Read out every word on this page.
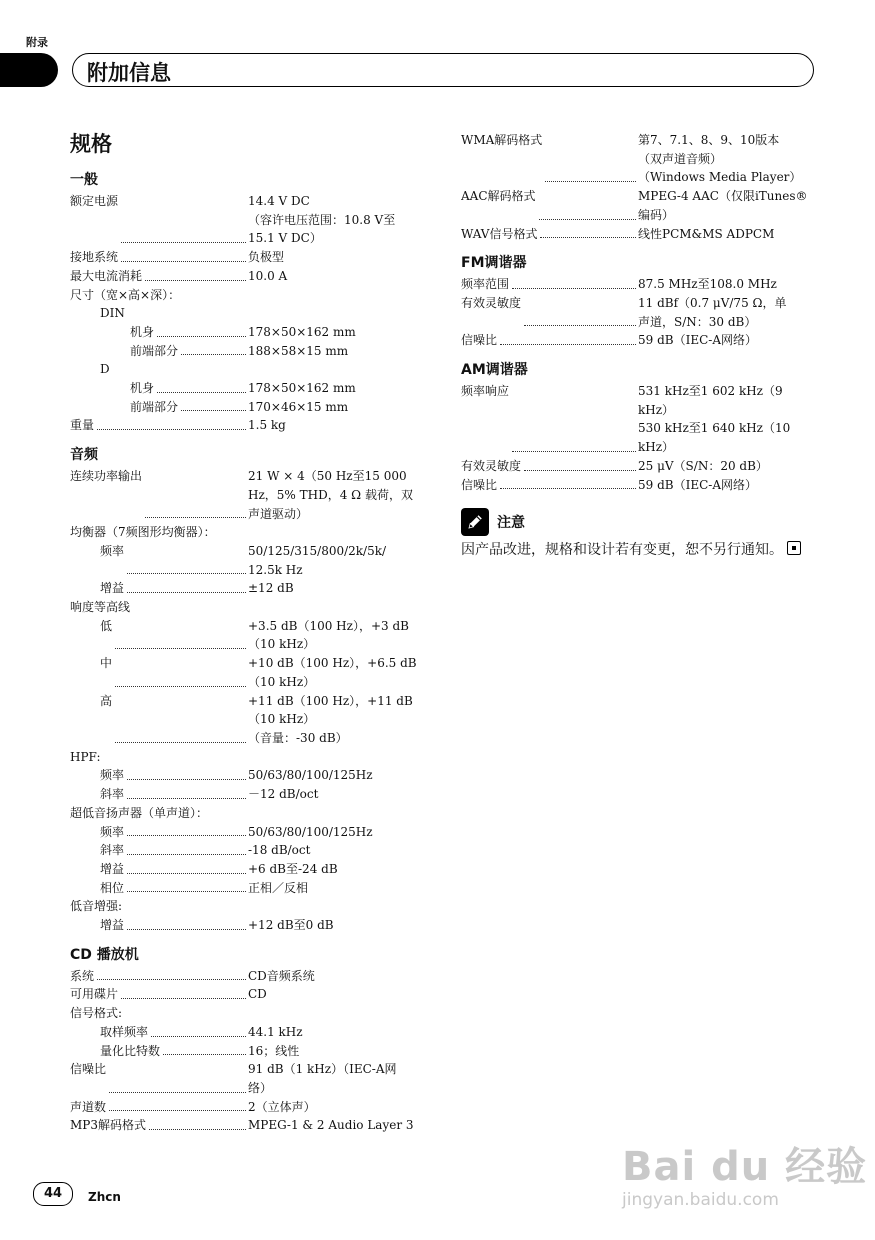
附录
附加信息
规格
一般
额定电源	14.4 V DC
（容许电压范围：10.8 V至
15.1 V DC）
接地系统	负极型
最大电流消耗	10.0 A
尺寸（宽×高×深）：
DIN
机身	178×50×162 mm
前端部分	188×58×15 mm
D
机身	178×50×162 mm
前端部分	170×46×15 mm
重量	1.5 kg
音频
连续功率输出	21 W × 4（50 Hz至15 000
Hz，5% THD，4 Ω 载荷，双
声道驱动）
均衡器（7频图形均衡器）：
频率	50/125/315/800/2k/5k/
12.5k Hz
增益	±12 dB
响度等高线
低	+3.5 dB（100 Hz），+3 dB
（10 kHz）
中	+10 dB（100 Hz），+6.5 dB
（10 kHz）
高	+11 dB（100 Hz），+11 dB
（10 kHz）
（音量：-30 dB）
HPF:
频率	50/63/80/100/125Hz
斜率	－12 dB/oct
超低音扬声器（单声道）：
频率	50/63/80/100/125Hz
斜率	-18 dB/oct
增益	+6 dB至-24 dB
相位	正相／反相
低音增强:
增益	+12 dB至0 dB
CD 播放机
系统	CD音频系统
可用碟片	CD
信号格式:
取样频率	44.1 kHz
量化比特数	16；线性
信噪比	91 dB（1 kHz）（IEC-A网
络）
声道数	2（立体声）
MP3解码格式	MPEG-1 & 2 Audio Layer 3
WMA解码格式	第7、7.1、8、9、10版本
（双声道音频）
（Windows Media Player）
AAC解码格式	MPEG-4 AAC（仅限iTunes®
编码）
WAV信号格式	线性PCM&MS ADPCM
FM调谐器
频率范围	87.5 MHz至108.0 MHz
有效灵敏度	11 dBf（0.7 μV/75 Ω，单
声道，S/N：30 dB）
信噪比	59 dB（IEC-A网络）
AM调谐器
频率响应	531 kHz至1 602 kHz（9
kHz）
530 kHz至1 640 kHz（10
kHz）
有效灵敏度	25 μV（S/N：20 dB）
信噪比	59 dB（IEC-A网络）
注意
因产品改进，规格和设计若有变更，恕不另行通知。
44	Zhcn
Bai du 经验
jingyan.baidu.com
